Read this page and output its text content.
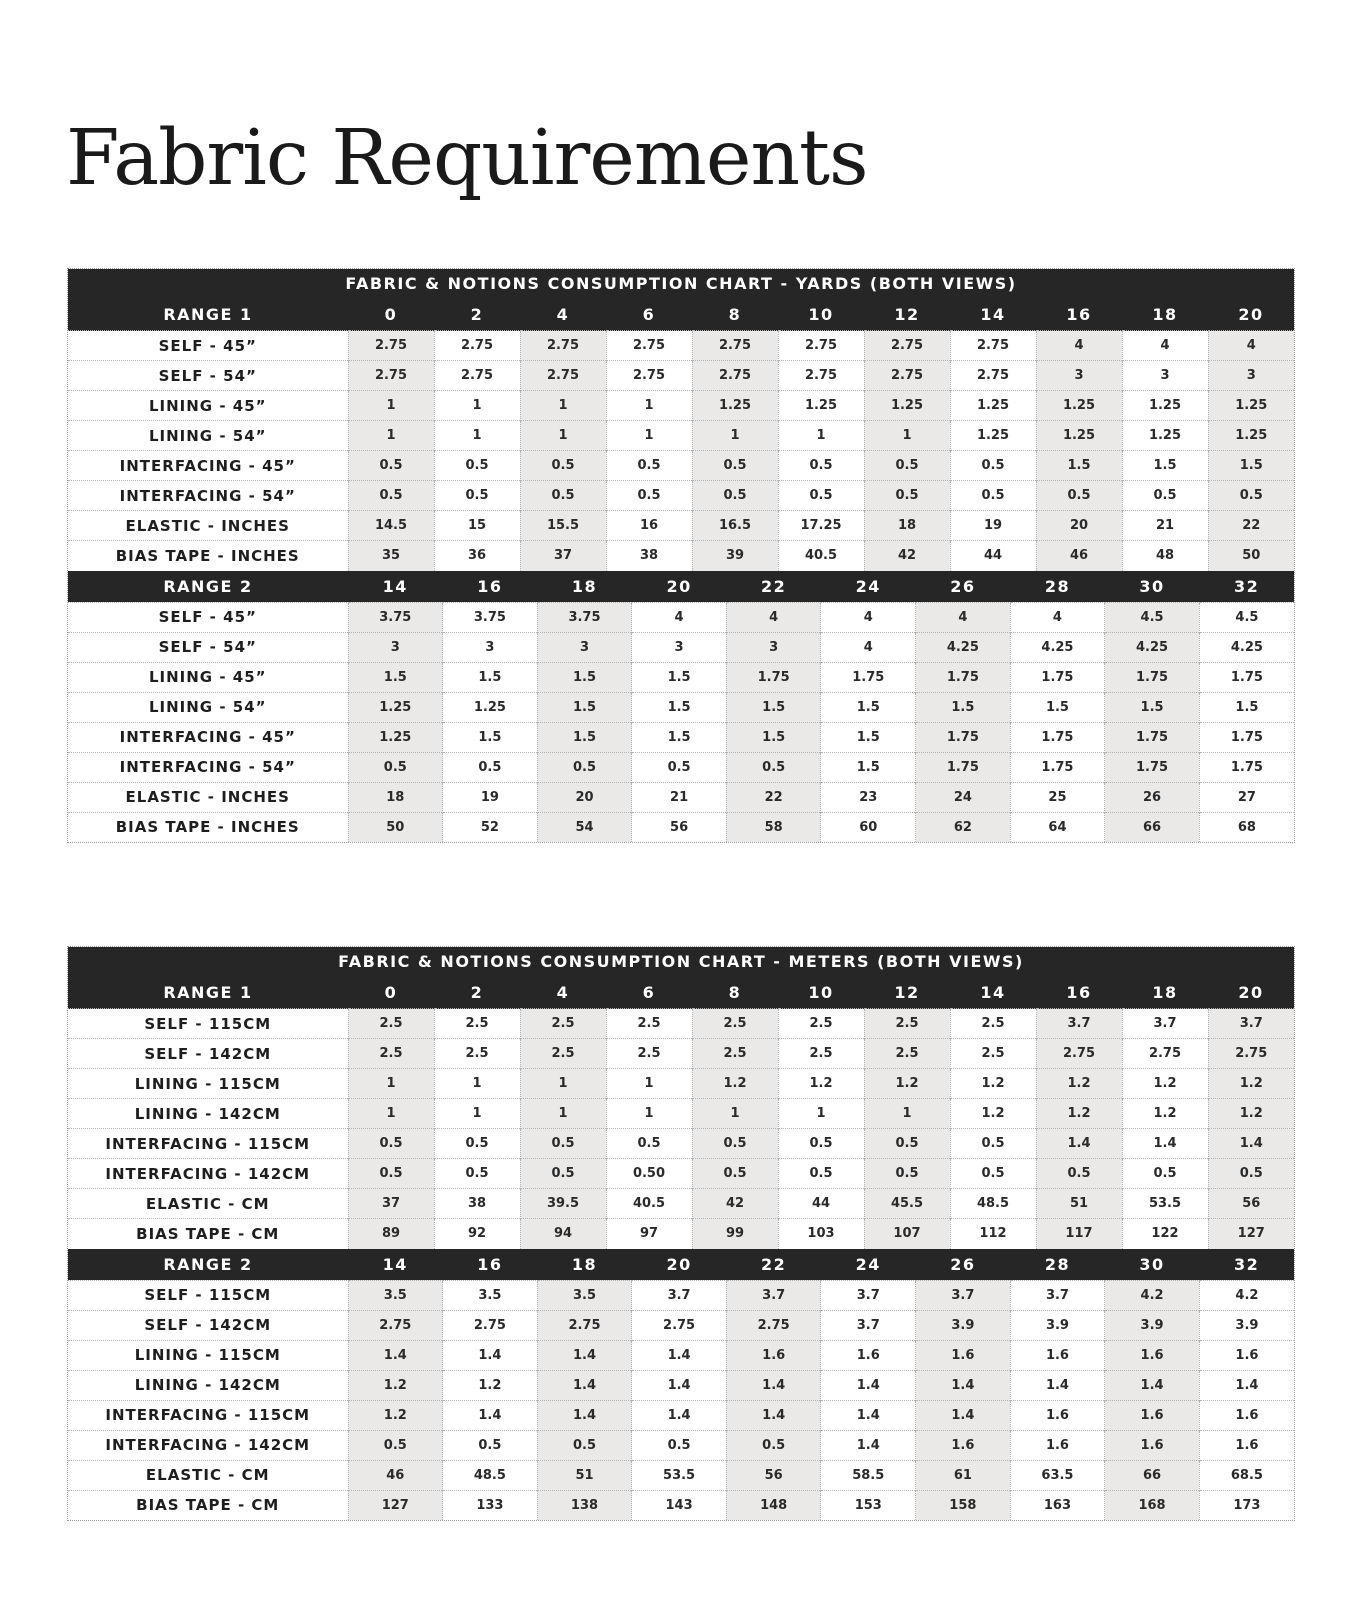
Fabric Requirements
FABRIC & NOTIONS CONSUMPTION CHART - YARDS (BOTH VIEWS)
RANGE 1	0	2	4	6	8	10	12	14	16	18	20
SELF - 45”	2.75	2.75	2.75	2.75	2.75	2.75	2.75	2.75	4	4	4
SELF - 54”	2.75	2.75	2.75	2.75	2.75	2.75	2.75	2.75	3	3	3
LINING - 45”	1	1	1	1	1.25	1.25	1.25	1.25	1.25	1.25	1.25
LINING - 54”	1	1	1	1	1	1	1	1.25	1.25	1.25	1.25
INTERFACING - 45”	0.5	0.5	0.5	0.5	0.5	0.5	0.5	0.5	1.5	1.5	1.5
INTERFACING - 54”	0.5	0.5	0.5	0.5	0.5	0.5	0.5	0.5	0.5	0.5	0.5
ELASTIC - INCHES	14.5	15	15.5	16	16.5	17.25	18	19	20	21	22
BIAS TAPE - INCHES	35	36	37	38	39	40.5	42	44	46	48	50
RANGE 2	14	16	18	20	22	24	26	28	30	32
SELF - 45”	3.75	3.75	3.75	4	4	4	4	4	4.5	4.5
SELF - 54”	3	3	3	3	3	4	4.25	4.25	4.25	4.25
LINING - 45”	1.5	1.5	1.5	1.5	1.75	1.75	1.75	1.75	1.75	1.75
LINING - 54”	1.25	1.25	1.5	1.5	1.5	1.5	1.5	1.5	1.5	1.5
INTERFACING - 45”	1.25	1.5	1.5	1.5	1.5	1.5	1.75	1.75	1.75	1.75
INTERFACING - 54”	0.5	0.5	0.5	0.5	0.5	1.5	1.75	1.75	1.75	1.75
ELASTIC - INCHES	18	19	20	21	22	23	24	25	26	27
BIAS TAPE - INCHES	50	52	54	56	58	60	62	64	66	68
FABRIC & NOTIONS CONSUMPTION CHART - METERS (BOTH VIEWS)
RANGE 1	0	2	4	6	8	10	12	14	16	18	20
SELF - 115CM	2.5	2.5	2.5	2.5	2.5	2.5	2.5	2.5	3.7	3.7	3.7
SELF - 142CM	2.5	2.5	2.5	2.5	2.5	2.5	2.5	2.5	2.75	2.75	2.75
LINING - 115CM	1	1	1	1	1.2	1.2	1.2	1.2	1.2	1.2	1.2
LINING - 142CM	1	1	1	1	1	1	1	1.2	1.2	1.2	1.2
INTERFACING - 115CM	0.5	0.5	0.5	0.5	0.5	0.5	0.5	0.5	1.4	1.4	1.4
INTERFACING - 142CM	0.5	0.5	0.5	0.50	0.5	0.5	0.5	0.5	0.5	0.5	0.5
ELASTIC - CM	37	38	39.5	40.5	42	44	45.5	48.5	51	53.5	56
BIAS TAPE - CM	89	92	94	97	99	103	107	112	117	122	127
RANGE 2	14	16	18	20	22	24	26	28	30	32
SELF - 115CM	3.5	3.5	3.5	3.7	3.7	3.7	3.7	3.7	4.2	4.2
SELF - 142CM	2.75	2.75	2.75	2.75	2.75	3.7	3.9	3.9	3.9	3.9
LINING - 115CM	1.4	1.4	1.4	1.4	1.6	1.6	1.6	1.6	1.6	1.6
LINING - 142CM	1.2	1.2	1.4	1.4	1.4	1.4	1.4	1.4	1.4	1.4
INTERFACING - 115CM	1.2	1.4	1.4	1.4	1.4	1.4	1.4	1.6	1.6	1.6
INTERFACING - 142CM	0.5	0.5	0.5	0.5	0.5	1.4	1.6	1.6	1.6	1.6
ELASTIC - CM	46	48.5	51	53.5	56	58.5	61	63.5	66	68.5
BIAS TAPE - CM	127	133	138	143	148	153	158	163	168	173
